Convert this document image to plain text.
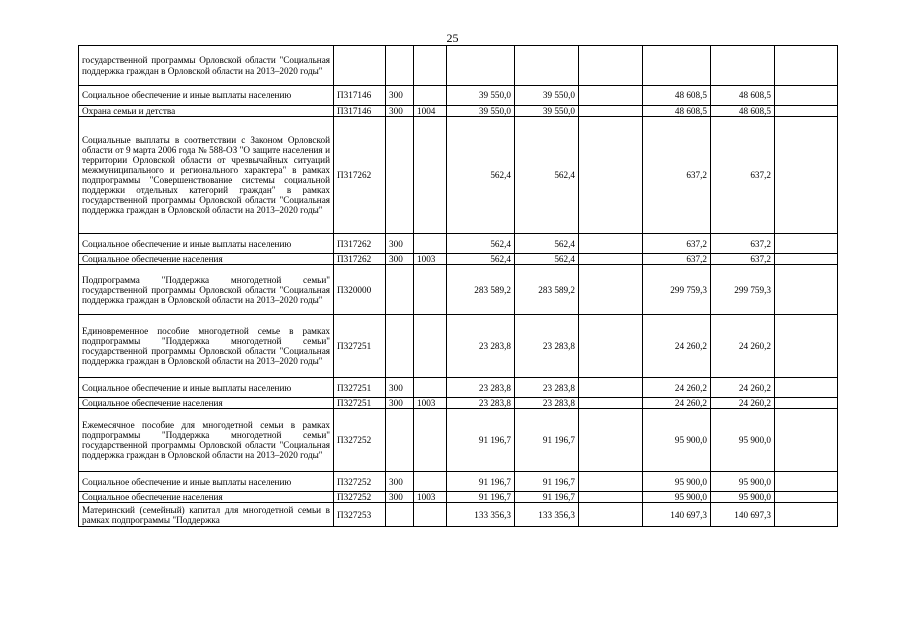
25
государственной программы Орловской области "Социальная поддержка граждан в Орловской области на 2013–2020 годы"									
Социальное обеспечение и иные выплаты населению	П317146	300		39 550,0	39 550,0		48 608,5	48 608,5	
Охрана семьи и детства	П317146	300	1004	39 550,0	39 550,0		48 608,5	48 608,5	
Социальные выплаты в соответствии с Законом Орловской области от 9 марта 2006 года № 588-ОЗ "О защите населения и территории Орловской области от чрезвычайных ситуаций межмуниципального и регионального характера" в рамках подпрограммы "Совершенствование системы социальной поддержки отдельных категорий граждан" в рамках государственной программы Орловской области "Социальная поддержка граждан в Орловской области на 2013–2020 годы"	П317262			562,4	562,4		637,2	637,2	
Социальное обеспечение и иные выплаты населению	П317262	300		562,4	562,4		637,2	637,2	
Социальное обеспечение населения	П317262	300	1003	562,4	562,4		637,2	637,2	
Подпрограмма "Поддержка многодетной семьи" государственной программы Орловской области "Социальная поддержка граждан в Орловской области на 2013–2020 годы"	П320000			283 589,2	283 589,2		299 759,3	299 759,3	
Единовременное пособие многодетной семье в рамках подпрограммы "Поддержка многодетной семьи" государственной программы Орловской области "Социальная поддержка граждан в Орловской области на 2013–2020 годы"	П327251			23 283,8	23 283,8		24 260,2	24 260,2	
Социальное обеспечение и иные выплаты населению	П327251	300		23 283,8	23 283,8		24 260,2	24 260,2	
Социальное обеспечение населения	П327251	300	1003	23 283,8	23 283,8		24 260,2	24 260,2	
Ежемесячное пособие для многодетной семьи в рамках подпрограммы "Поддержка многодетной семьи" государственной программы Орловской области "Социальная поддержка граждан в Орловской области на 2013–2020 годы"	П327252			91 196,7	91 196,7		95 900,0	95 900,0	
Социальное обеспечение и иные выплаты населению	П327252	300		91 196,7	91 196,7		95 900,0	95 900,0	
Социальное обеспечение населения	П327252	300	1003	91 196,7	91 196,7		95 900,0	95 900,0	
Материнский (семейный) капитал для многодетной семьи в рамках подпрограммы "Поддержка	П327253			133 356,3	133 356,3		140 697,3	140 697,3	
